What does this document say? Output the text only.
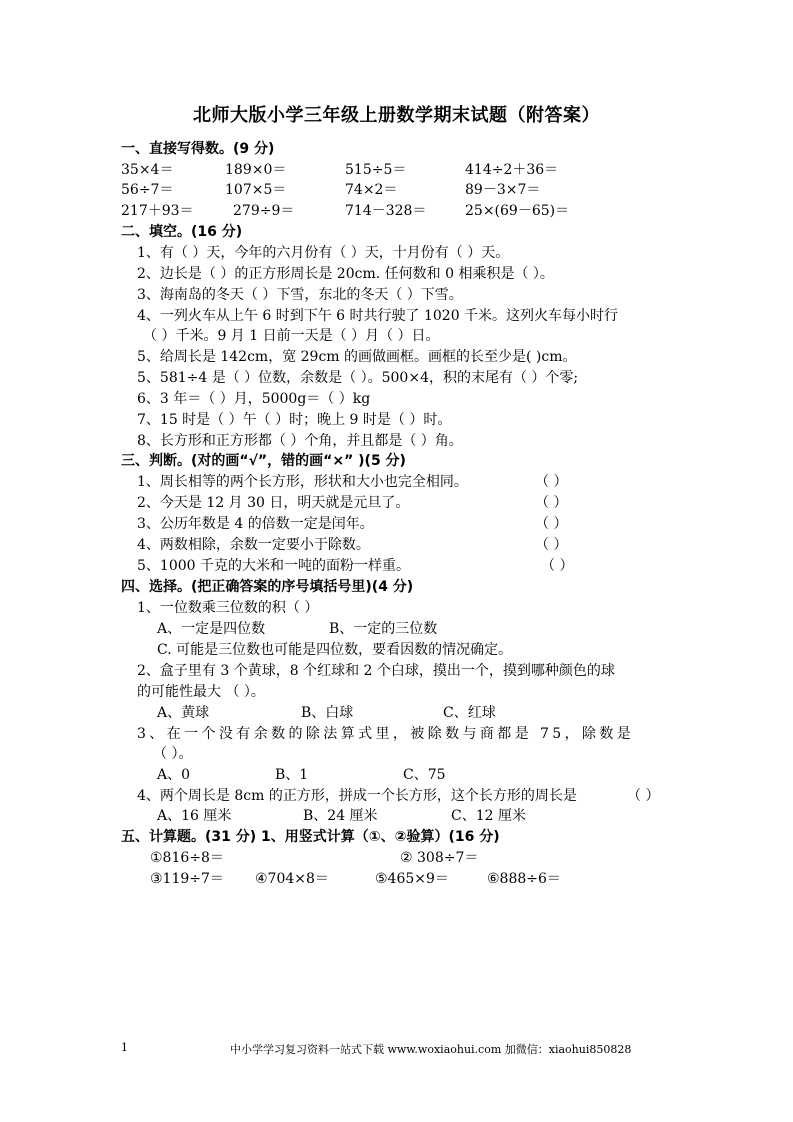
北师大版小学三年级上册数学期末试题（附答案）
一、直接写得数。(9 分)
35×4＝	189×0＝	515÷5＝	414÷2＋36＝
56÷7＝	107×5＝	74×2＝	89－3×7＝
217＋93＝	279÷9＝	714－328＝	25×(69－65)＝
二、填空。(16 分)
1、有（ ）天，今年的六月份有（ ）天，十月份有（ ）天。
2、边长是（ ）的正方形周长是 20cm. 任何数和 0 相乘积是（ ）。
3、海南岛的冬天（ ）下雪，东北的冬天（ ）下雪。
4、一列火车从上午 6 时到下午 6 时共行驶了 1020 千米。这列火车每小时行
（ ）千米。9 月 1 日前一天是（ ）月（ ）日。
5、给周长是 142cm，宽 29cm 的画做画框。画框的长至少是( )cm。
5、581÷4 是（ ）位数，余数是（ ）。500×4，积的末尾有（ ）个零;
6、3 年＝（ ）月，5000g＝（ ）kg
7、15 时是（ ）午（ ）时；晚上 9 时是（ ）时。
8、长方形和正方形都（ ）个角，并且都是（ ）角。
三、判断。(对的画“√”，错的画“×” )(5 分)
1、周长相等的两个长方形，形状和大小也完全相同。	（ ）
2、今天是 12 月 30 日，明天就是元旦了。	（ ）
3、公历年数是 4 的倍数一定是闰年。	（ ）
4、两数相除，余数一定要小于除数。	（ ）
5、1000 千克的大米和一吨的面粉一样重。	（ ）
四、选择。(把正确答案的序号填括号里)(4 分)
1、一位数乘三位数的积（ ）
A、一定是四位数	B、一定的三位数
C. 可能是三位数也可能是四位数，要看因数的情况确定。
2、盒子里有 3 个黄球，8 个红球和 2 个白球，摸出一个，摸到哪种颜色的球
的可能性最大 （ ）。
A、黄球	B、白球	C、红球
3、在一个没有余数的除法算式里，被除数与商都是 75，除数是
（ ）。
A、0	B、1	C、75
4、两个周长是 8cm 的正方形，拼成一个长方形，这个长方形的周长是	（ ）
A、16 厘米	B、24 厘米	C、12 厘米
五、计算题。(31 分) 1、用竖式计算（①、②验算）(16 分)
①816÷8＝	② 308÷7＝
③119÷7＝ ④704×8＝	⑤465×9＝	⑥888÷6＝
1	中小学学习复习资料一站式下载 www.woxiaohui.com 加微信：xiaohui850828
